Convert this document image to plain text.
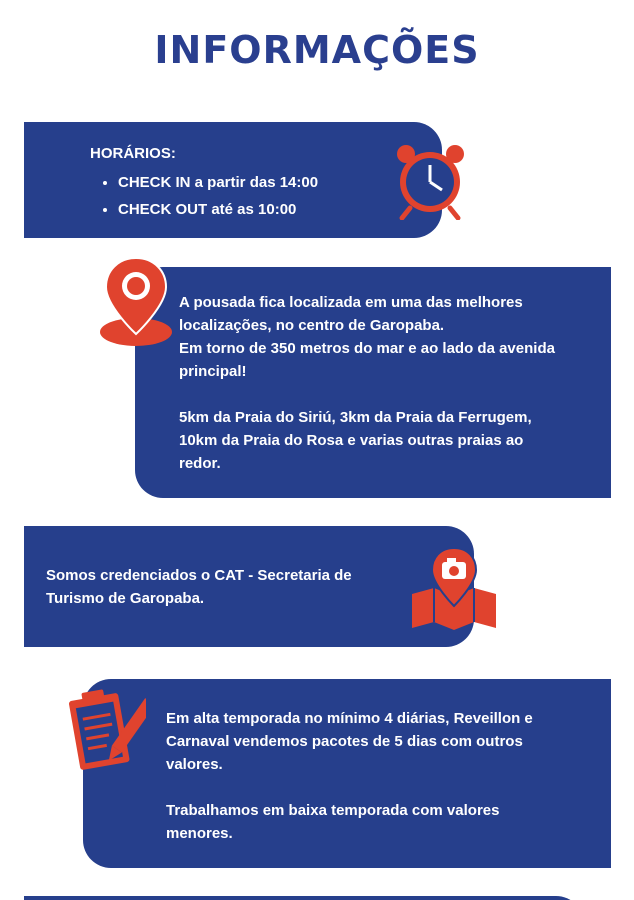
INFORMAÇÕES
HORÁRIOS:
• CHECK IN a partir das 14:00
• CHECK OUT até as 10:00
A pousada fica localizada em uma das melhores
localizações, no centro de Garopaba.
Em torno de 350 metros do mar e ao lado da avenida
principal!
5km da Praia do Siriú, 3km da Praia da Ferrugem,
10km da Praia do Rosa e varias outras praias ao
redor.
Somos credenciados o CAT - Secretaria de
Turismo de Garopaba.
Em alta temporada no mínimo 4 diárias, Reveillon e
Carnaval vendemos pacotes de 5 dias com outros
valores.
Trabalhamos em baixa temporada com valores
menores.
